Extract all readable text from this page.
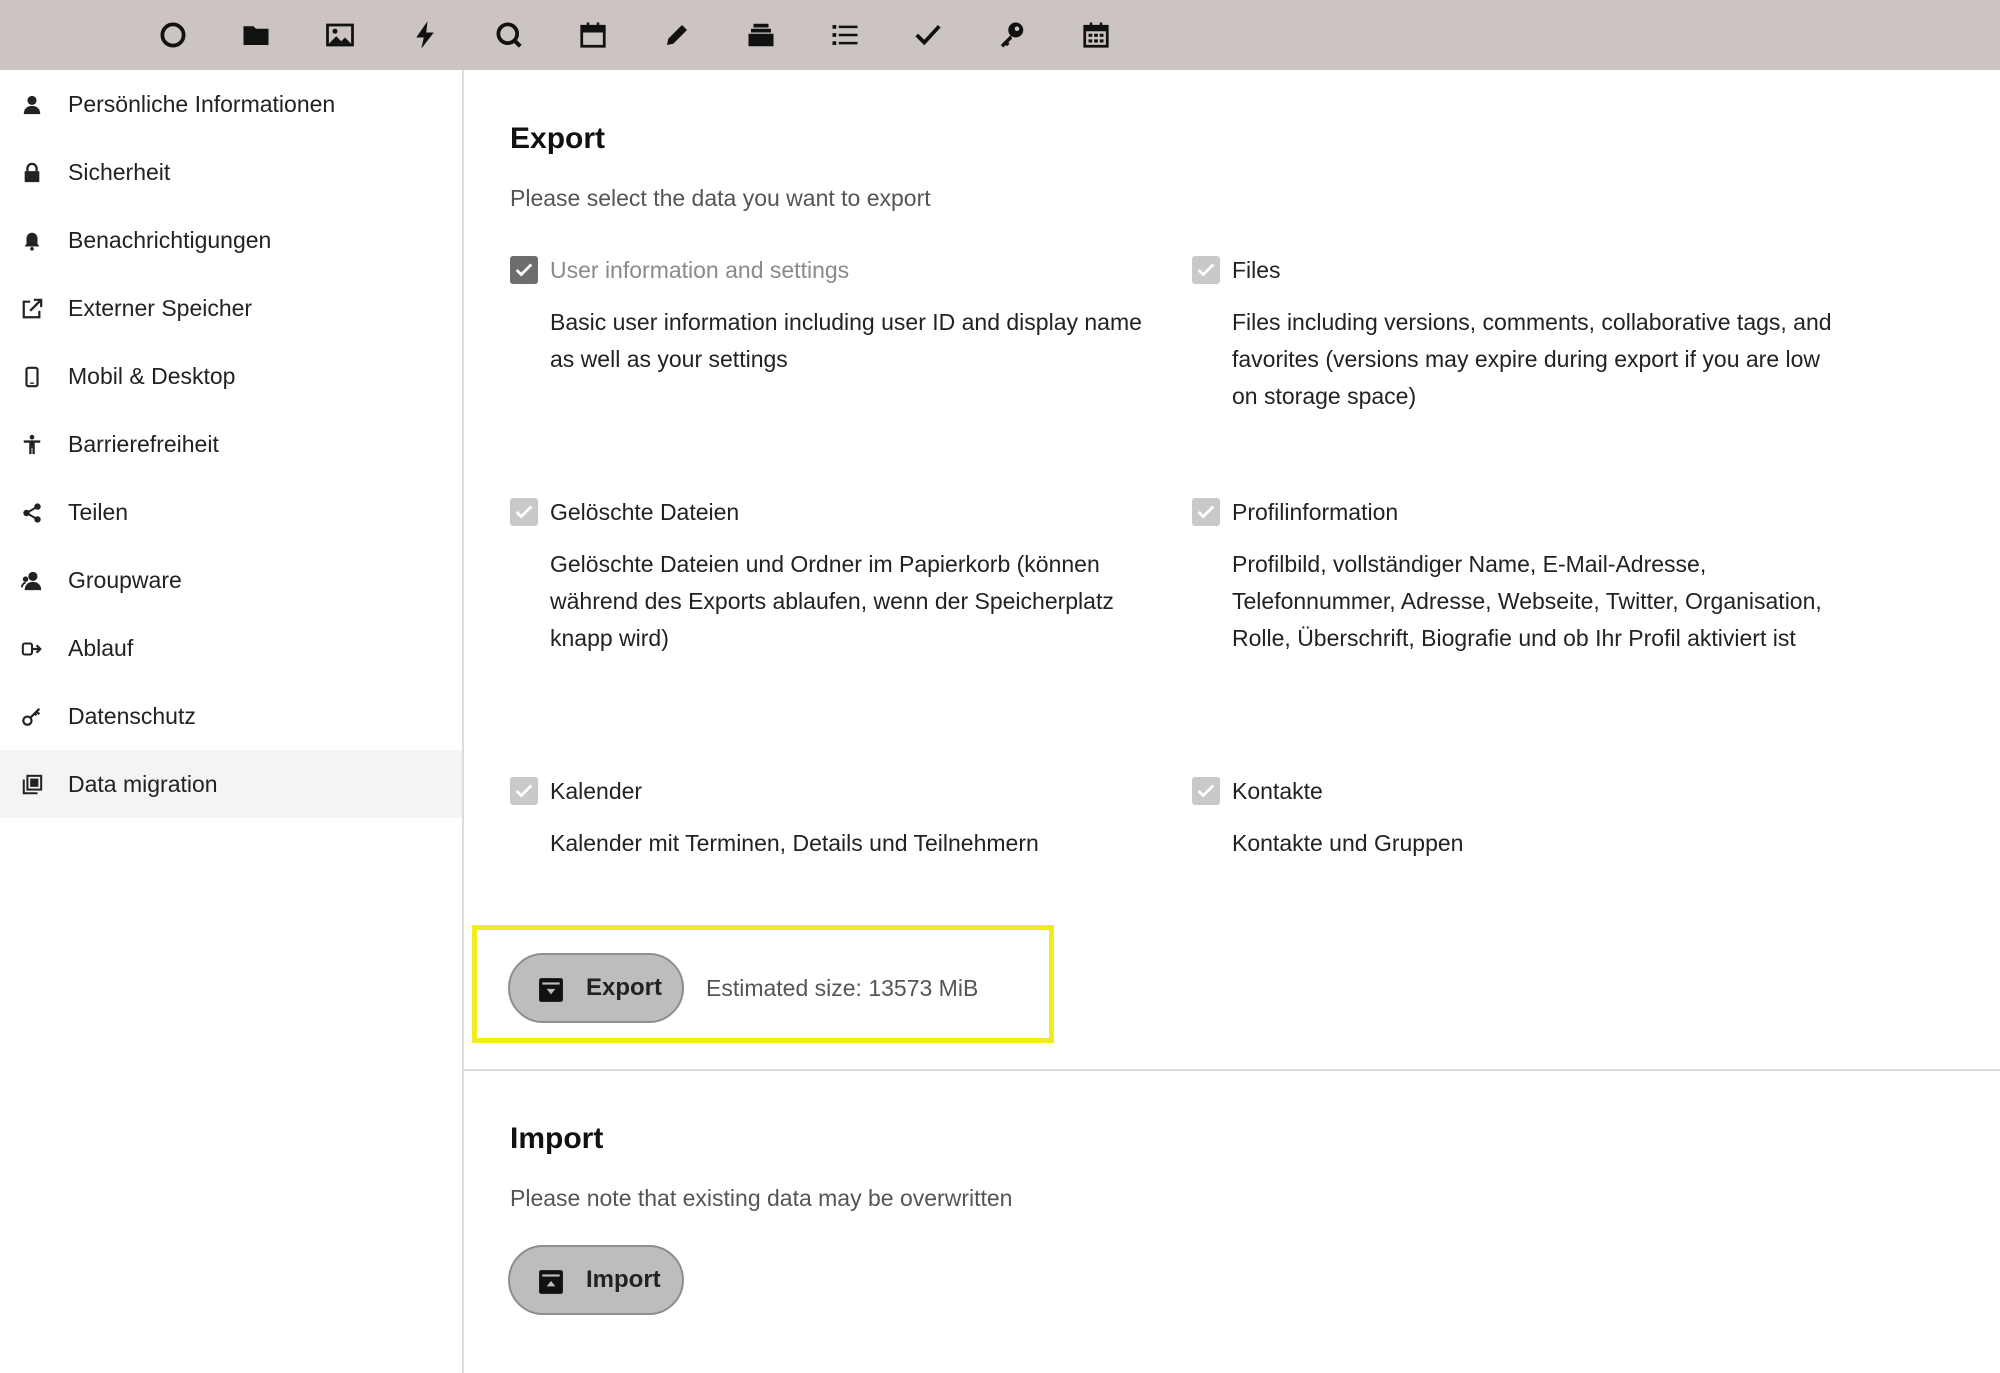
Persönliche Informationen
Sicherheit
Benachrichtigungen
Externer Speicher
Mobil & Desktop
Barrierefreiheit
Teilen
Groupware
Ablauf
Datenschutz
Data migration
Export
Please select the data you want to export
User information and settings
Basic user information including user ID and display name as well as your settings
Files
Files including versions, comments, collaborative tags, and favorites (versions may expire during export if you are low on storage space)
Gelöschte Dateien
Gelöschte Dateien und Ordner im Papierkorb (können während des Exports ablaufen, wenn der Speicherplatz knapp wird)
Profilinformation
Profilbild, vollständiger Name, E-Mail-Adresse, Telefonnummer, Adresse, Webseite, Twitter, Organisation, Rolle, Überschrift, Biografie und ob Ihr Profil aktiviert ist
Kalender
Kalender mit Terminen, Details und Teilnehmern
Kontakte
Kontakte und Gruppen
Export Estimated size: 13573 MiB
Import
Please note that existing data may be overwritten
Import
